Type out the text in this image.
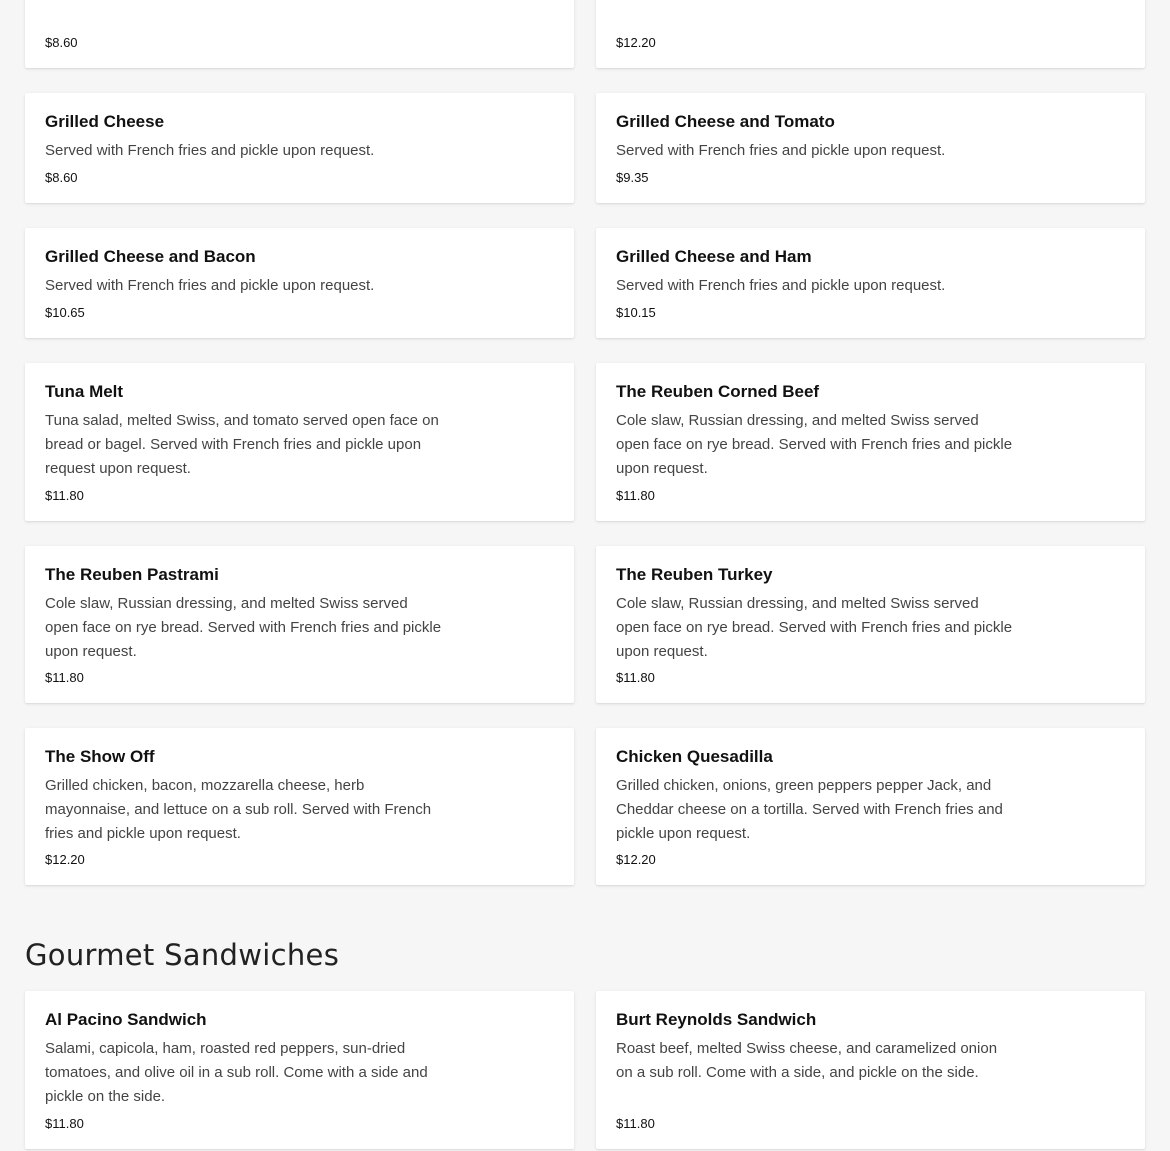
$8.60	$12.20
Grilled Cheese

Served with French fries and pickle upon request.

$8.60
Grilled Cheese and Tomato

Served with French fries and pickle upon request.

$9.35
Grilled Cheese and Bacon

Served with French fries and pickle upon request.

$10.65
Grilled Cheese and Ham

Served with French fries and pickle upon request.

$10.15
Tuna Melt

Tuna salad, melted Swiss, and tomato served open face on bread or bagel. Served with French fries and pickle upon request upon request.

$11.80
The Reuben Corned Beef

Cole slaw, Russian dressing, and melted Swiss served open face on rye bread. Served with French fries and pickle upon request.

$11.80
The Reuben Pastrami

Cole slaw, Russian dressing, and melted Swiss served open face on rye bread. Served with French fries and pickle upon request.

$11.80
The Reuben Turkey

Cole slaw, Russian dressing, and melted Swiss served open face on rye bread. Served with French fries and pickle upon request.

$11.80
The Show Off

Grilled chicken, bacon, mozzarella cheese, herb mayonnaise, and lettuce on a sub roll. Served with French fries and pickle upon request.

$12.20
Chicken Quesadilla

Grilled chicken, onions, green peppers pepper Jack, and Cheddar cheese on a tortilla. Served with French fries and pickle upon request.

$12.20
Gourmet Sandwiches
Al Pacino Sandwich

Salami, capicola, ham, roasted red peppers, sun-dried tomatoes, and olive oil in a sub roll. Come with a side and pickle on the side.

$11.80
Burt Reynolds Sandwich

Roast beef, melted Swiss cheese, and caramelized onion on a sub roll. Come with a side, and pickle on the side.

$11.80
